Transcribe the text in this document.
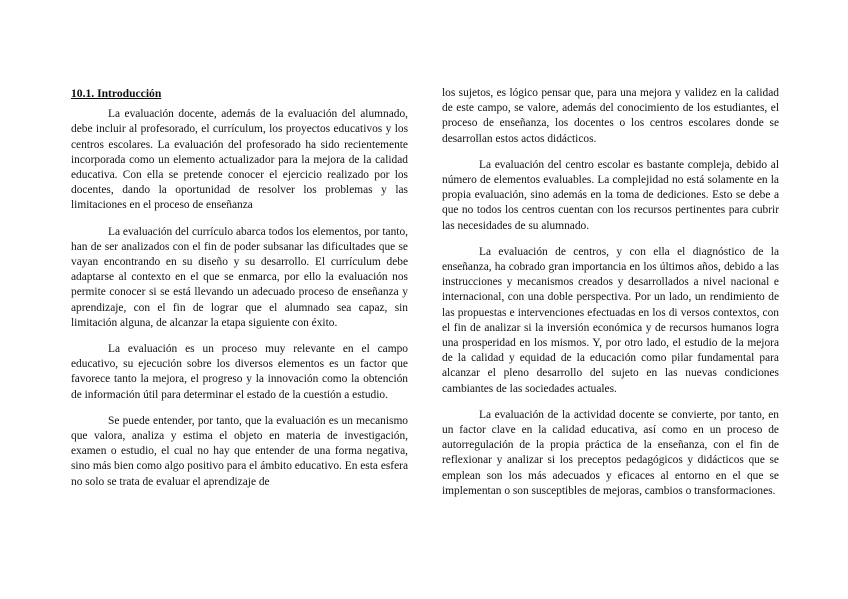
10.1. Introducción

La evaluación docente, además de la evaluación del alumnado, debe incluir al profesorado, el currículum, los proyectos educativos y los centros escolares. La evaluación del profesorado ha sido recientemente incorporada como un elemento actualizador para la mejora de la calidad educativa. Con ella se pretende conocer el ejercicio realizado por los docentes, dando la oportunidad de resolver los problemas y las limitaciones en el proceso de enseñanza

La evaluación del currículo abarca todos los elementos, por tanto, han de ser analizados con el fin de poder subsanar las dificultades que se vayan encontrando en su diseño y su desarrollo. El currículum debe adaptarse al contexto en el que se enmarca, por ello la evaluación nos permite conocer si se está llevando un adecuado proceso de enseñanza y aprendizaje, con el fin de lograr que el alumnado sea capaz, sin limitación alguna, de alcanzar la etapa siguiente con éxito.

La evaluación es un proceso muy relevante en el campo educativo, su ejecución sobre los diversos elementos es un factor que favorece tanto la mejora, el progreso y la innovación como la obtención de información útil para determinar el estado de la cuestión a estudio.

Se puede entender, por tanto, que la evaluación es un mecanismo que valora, analiza y estima el objeto en materia de investigación, examen o estudio, el cual no hay que entender de una forma negativa, sino más bien como algo positivo para el ámbito educativo. En esta esfera no solo se trata de evaluar el aprendizaje de

los sujetos, es lógico pensar que, para una mejora y validez en la calidad de este campo, se valore, además del conocimiento de los estudiantes, el proceso de enseñanza, los docentes o los centros escolares donde se desarrollan estos actos didácticos.

La evaluación del centro escolar es bastante compleja, debido al número de elementos evaluables. La complejidad no está solamente en la propia evaluación, sino además en la toma de dediciones. Esto se debe a que no todos los centros cuentan con los recursos pertinentes para cubrir las necesidades de su alumnado.

La evaluación de centros, y con ella el diagnóstico de la enseñanza, ha cobrado gran importancia en los últimos años, debido a las instrucciones y mecanismos creados y desarrollados a nivel nacional e internacional, con una doble perspectiva. Por un lado, un rendimiento de las propuestas e intervenciones efectuadas en los di versos contextos, con el fin de analizar si la inversión económica y de recursos humanos logra una prosperidad en los mismos. Y, por otro lado, el estudio de la mejora de la calidad y equidad de la educación como pilar fundamental para alcanzar el pleno desarrollo del sujeto en las nuevas condiciones cambiantes de las sociedades actuales.

La evaluación de la actividad docente se convierte, por tanto, en un factor clave en la calidad educativa, así como en un proceso de autorregulación de la propia práctica de la enseñanza, con el fin de reflexionar y analizar si los preceptos pedagógicos y didácticos que se emplean son los más adecuados y eficaces al entorno en el que se implementan o son susceptibles de mejoras, cambios o transformaciones.
